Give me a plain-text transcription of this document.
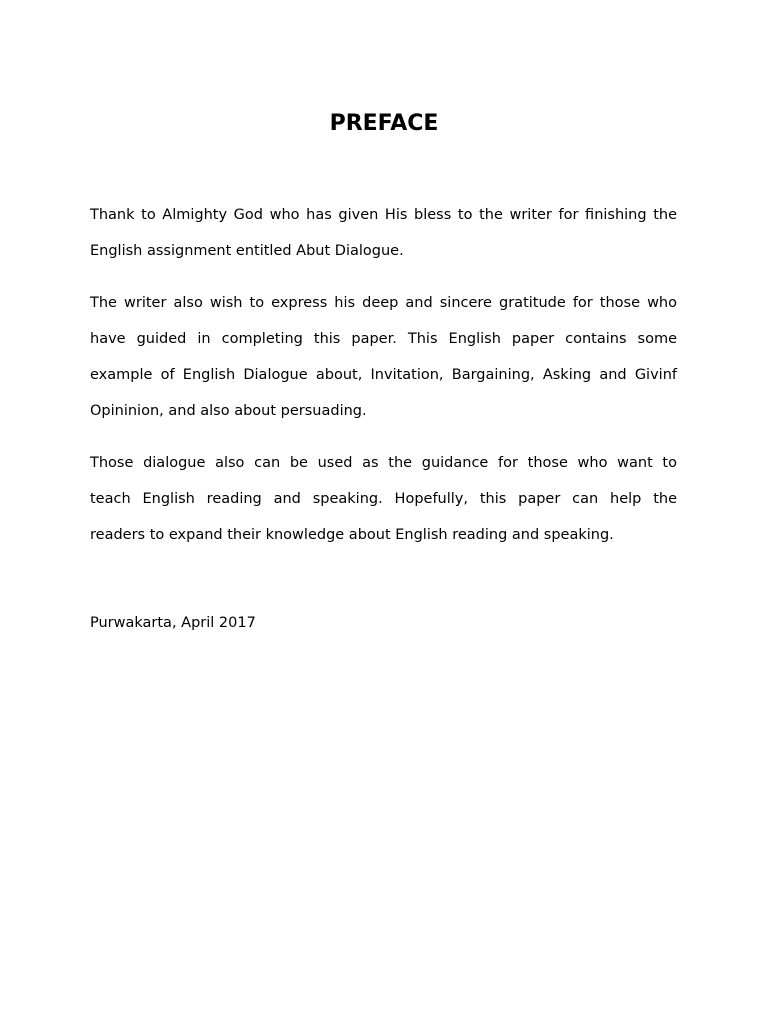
PREFACE

Thank to Almighty God who has given His bless to the writer for finishing the
English assignment entitled Abut Dialogue.

The writer also wish to express his deep and sincere gratitude for those who
have guided in completing this paper. This English paper contains some
example of English Dialogue about, Invitation, Bargaining, Asking and Givinf
Opininion, and also about persuading.

Those dialogue also can be used as the guidance for those who want to
teach English reading and speaking. Hopefully, this paper can help the
readers to expand their knowledge about English reading and speaking.

Purwakarta, April 2017
